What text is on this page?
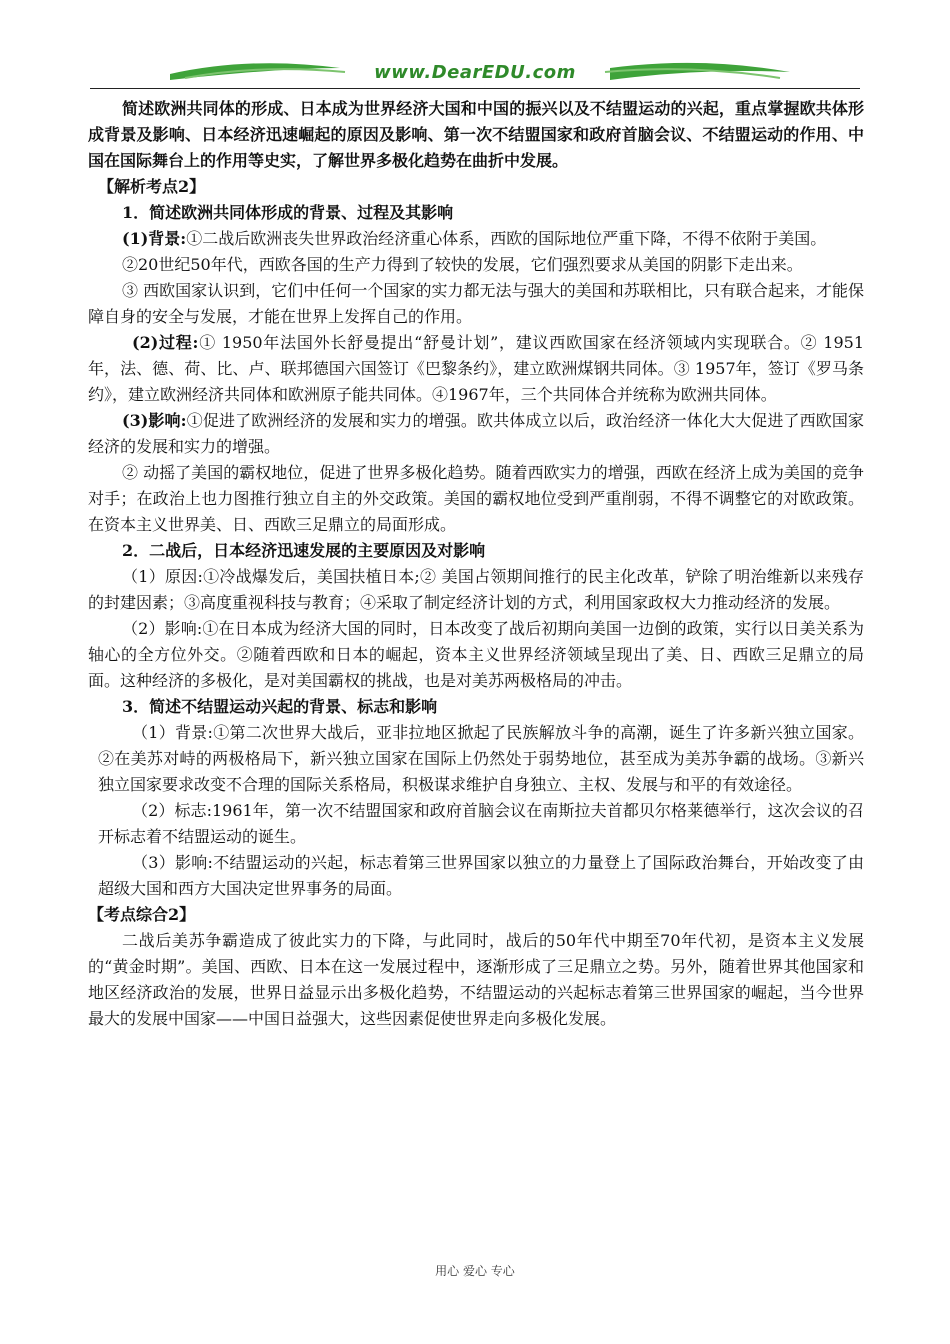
www.DearEDU.com

简述欧洲共同体的形成、日本成为世界经济大国和中国的振兴以及不结盟运动的兴起，重点掌握欧共体形成背景及影响、日本经济迅速崛起的原因及影响、第一次不结盟国家和政府首脑会议、不结盟运动的作用、中国在国际舞台上的作用等史实，了解世界多极化趋势在曲折中发展。

【解析考点2】

1．简述欧洲共同体形成的背景、过程及其影响

(1)背景:①二战后欧洲丧失世界政治经济重心体系，西欧的国际地位严重下降，不得不依附于美国。

②20世纪50年代，西欧各国的生产力得到了较快的发展，它们强烈要求从美国的阴影下走出来。

③ 西欧国家认识到，它们中任何一个国家的实力都无法与强大的美国和苏联相比，只有联合起来，才能保障自身的安全与发展，才能在世界上发挥自己的作用。

(2)过程:① 1950年法国外长舒曼提出“舒曼计划”，建议西欧国家在经济领域内实现联合。② 1951年，法、德、荷、比、卢、联邦德国六国签订《巴黎条约》，建立欧洲煤钢共同体。③ 1957年，签订《罗马条约》，建立欧洲经济共同体和欧洲原子能共同体。④1967年，三个共同体合并统称为欧洲共同体。

(3)影响:①促进了欧洲经济的发展和实力的增强。欧共体成立以后，政治经济一体化大大促进了西欧国家经济的发展和实力的增强。

② 动摇了美国的霸权地位，促进了世界多极化趋势。随着西欧实力的增强，西欧在经济上成为美国的竞争对手；在政治上也力图推行独立自主的外交政策。美国的霸权地位受到严重削弱，不得不调整它的对欧政策。在资本主义世界美、日、西欧三足鼎立的局面形成。

2．二战后，日本经济迅速发展的主要原因及对影响

（1）原因:①冷战爆发后，美国扶植日本;② 美国占领期间推行的民主化改革，铲除了明治维新以来残存的封建因素；③高度重视科技与教育；④采取了制定经济计划的方式，利用国家政权大力推动经济的发展。

（2）影响:①在日本成为经济大国的同时，日本改变了战后初期向美国一边倒的政策，实行以日美关系为轴心的全方位外交。②随着西欧和日本的崛起，资本主义世界经济领域呈现出了美、日、西欧三足鼎立的局面。这种经济的多极化，是对美国霸权的挑战，也是对美苏两极格局的冲击。

3．简述不结盟运动兴起的背景、标志和影响

（1）背景:①第二次世界大战后，亚非拉地区掀起了民族解放斗争的高潮，诞生了许多新兴独立国家。②在美苏对峙的两极格局下，新兴独立国家在国际上仍然处于弱势地位，甚至成为美苏争霸的战场。③新兴独立国家要求改变不合理的国际关系格局，积极谋求维护自身独立、主权、发展与和平的有效途径。

（2）标志:1961年，第一次不结盟国家和政府首脑会议在南斯拉夫首都贝尔格莱德举行，这次会议的召开标志着不结盟运动的诞生。

（3）影响:不结盟运动的兴起，标志着第三世界国家以独立的力量登上了国际政治舞台，开始改变了由超级大国和西方大国决定世界事务的局面。

【考点综合2】

二战后美苏争霸造成了彼此实力的下降，与此同时，战后的50年代中期至70年代初，是资本主义发展的“黄金时期”。美国、西欧、日本在这一发展过程中，逐渐形成了三足鼎立之势。另外，随着世界其他国家和地区经济政治的发展，世界日益显示出多极化趋势，不结盟运动的兴起标志着第三世界国家的崛起，当今世界最大的发展中国家——中国日益强大，这些因素促使世界走向多极化发展。

用心 爱心 专心
